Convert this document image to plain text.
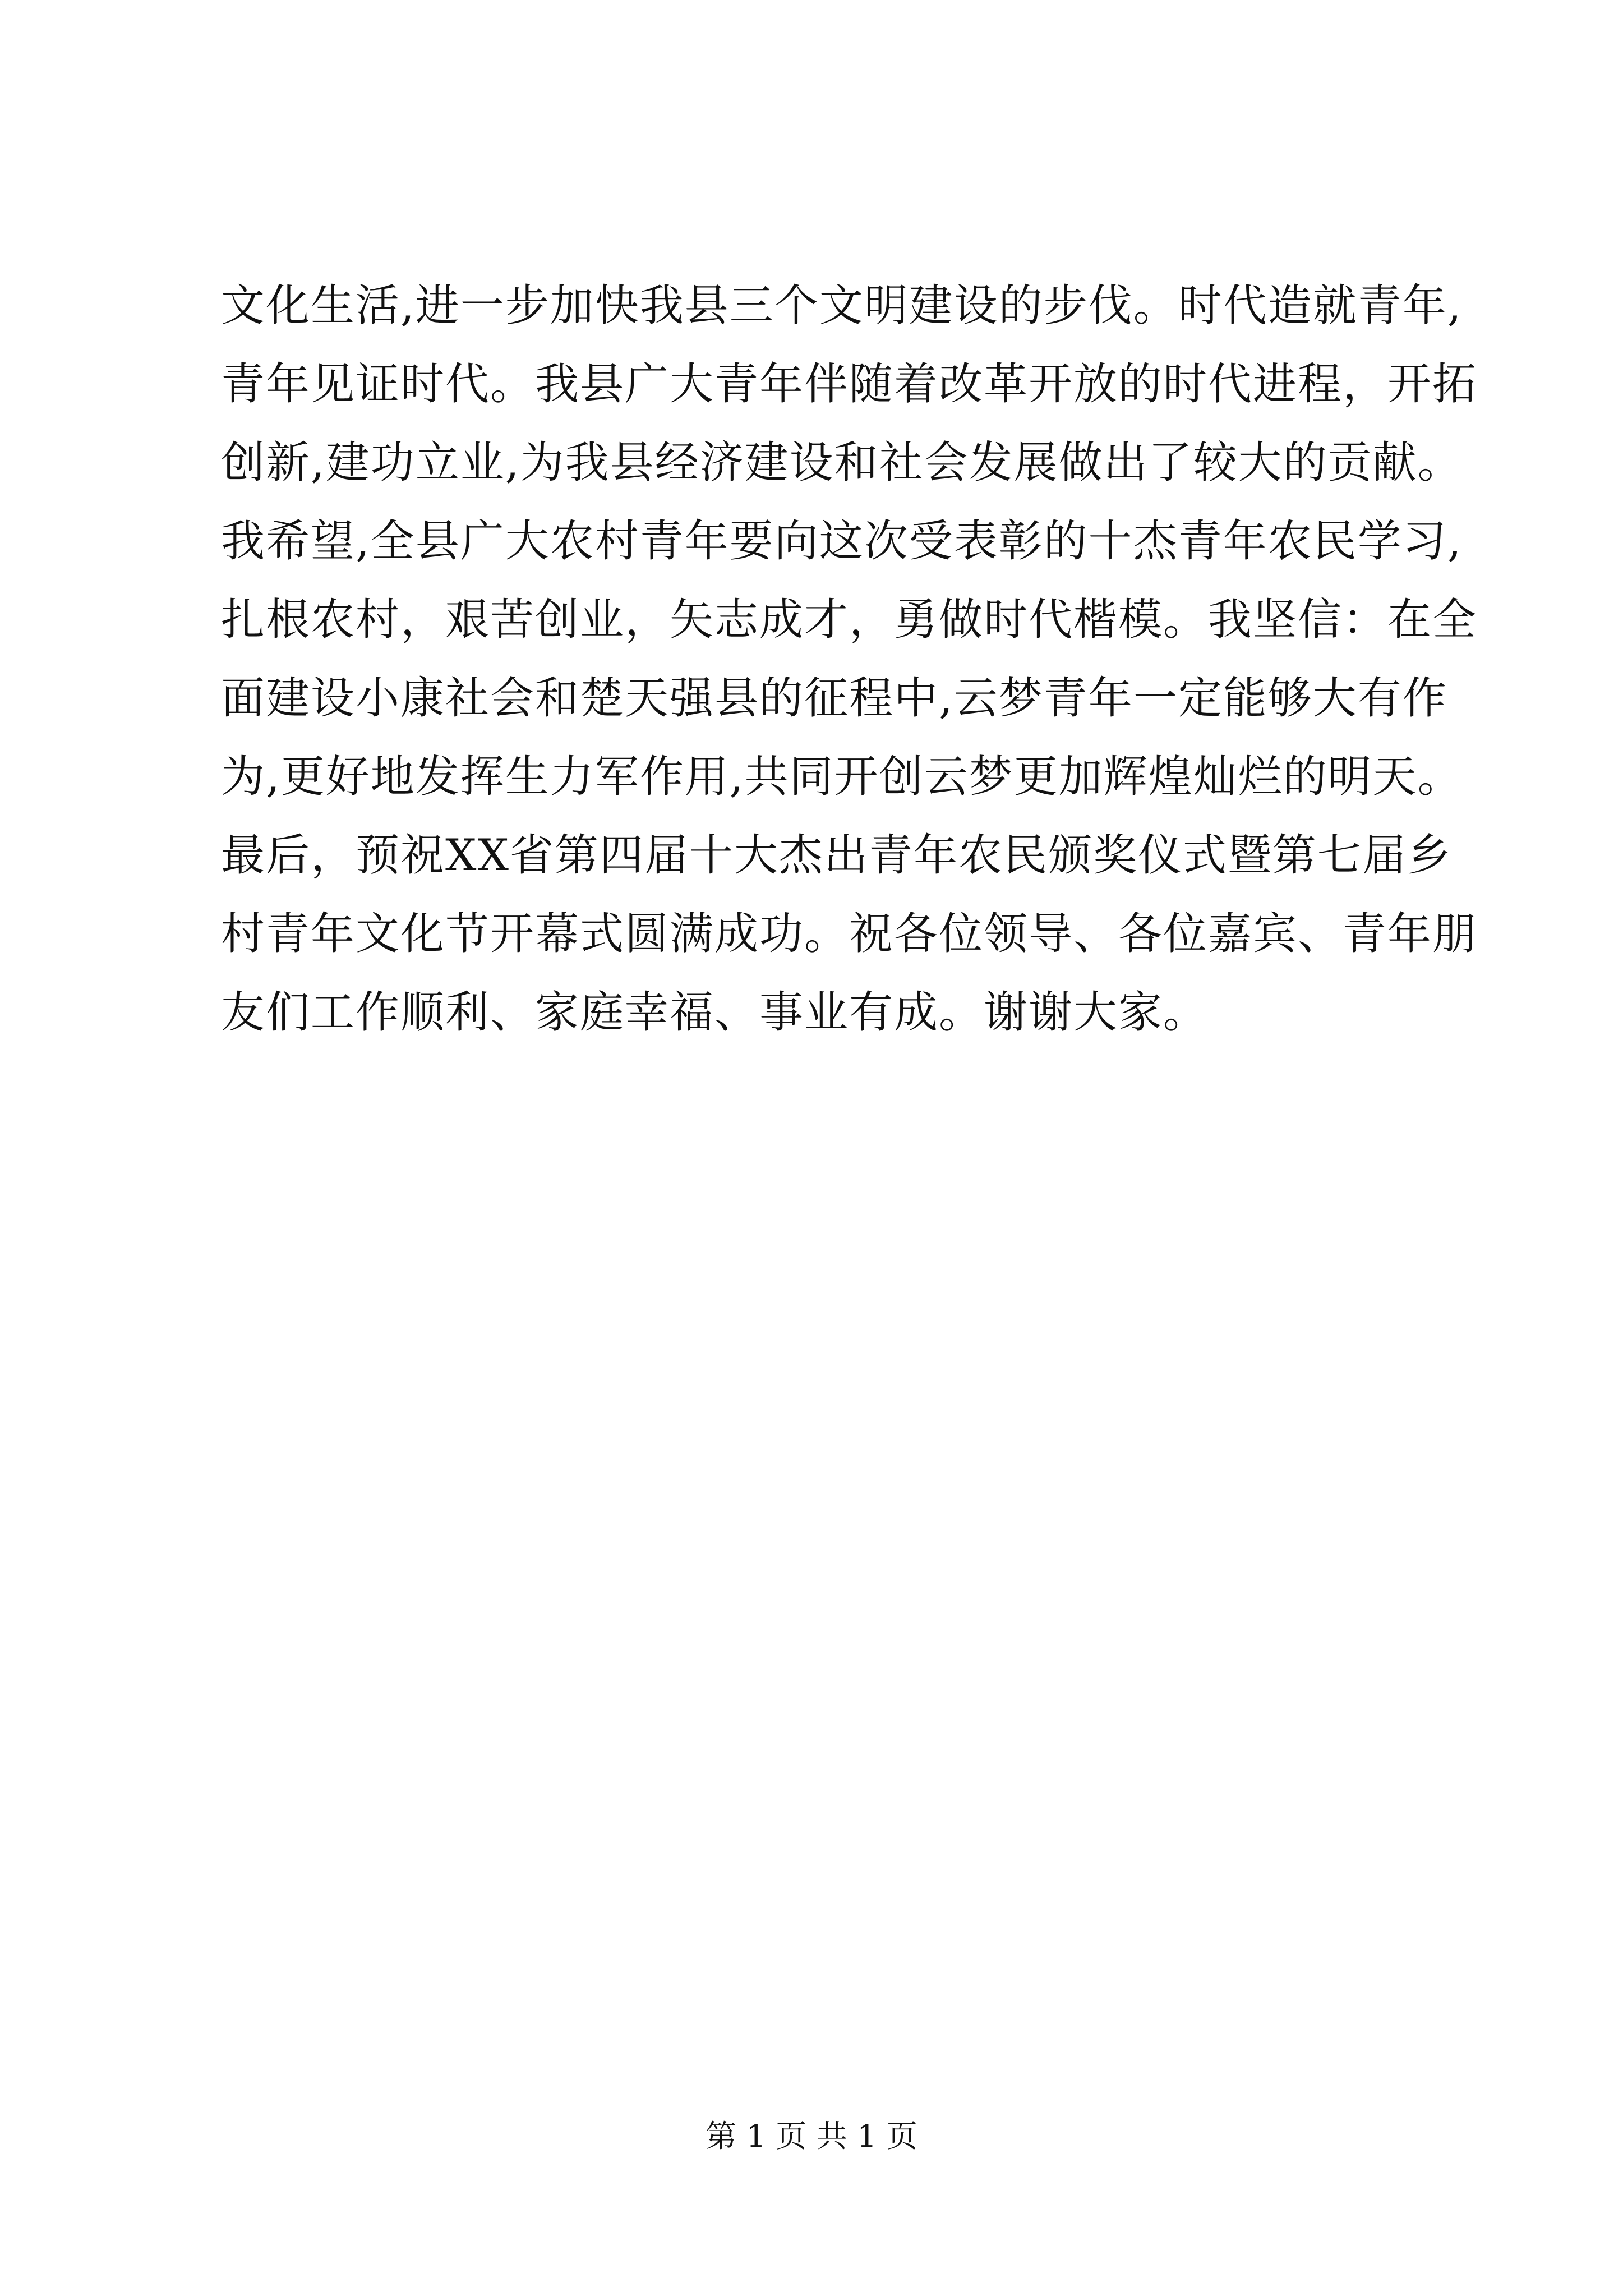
文化生活,进一步加快我县三个文明建设的步伐。时代造就青年,
青年见证时代。我县广大青年伴随着改革开放的时代进程，开拓
创新,建功立业,为我县经济建设和社会发展做出了较大的贡献。
我希望,全县广大农村青年要向这次受表彰的十杰青年农民学习,
扎根农村，艰苦创业，矢志成才，勇做时代楷模。我坚信：在全
面建设小康社会和楚天强县的征程中,云梦青年一定能够大有作
为,更好地发挥生力军作用,共同开创云梦更加辉煌灿烂的明天。
最后，预祝XX省第四届十大杰出青年农民颁奖仪式暨第七届乡
村青年文化节开幕式圆满成功。祝各位领导、各位嘉宾、青年朋
友们工作顺利、家庭幸福、事业有成。谢谢大家。
第 1 页 共 1 页
